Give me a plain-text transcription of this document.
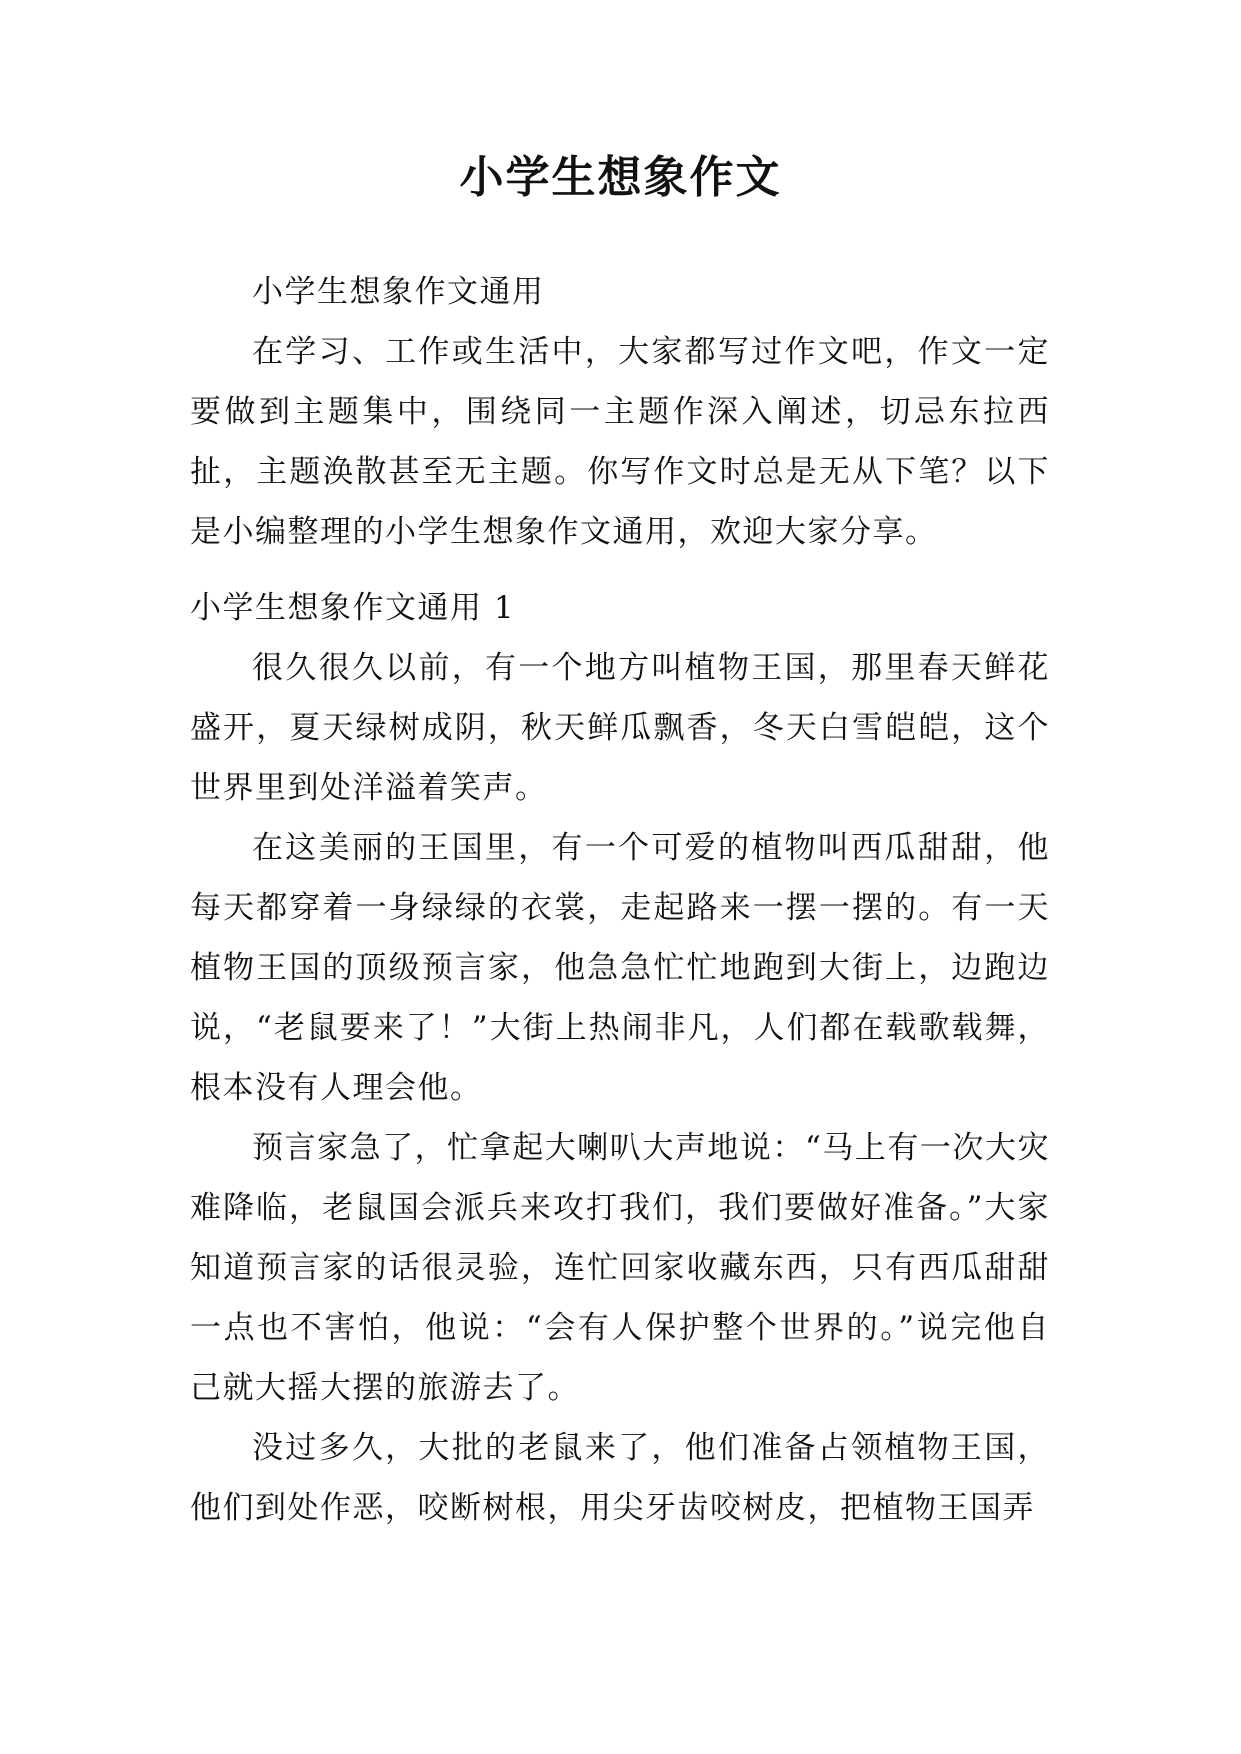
小学生想象作文

小学生想象作文通用

在学习、工作或生活中，大家都写过作文吧，作文一定要做到主题集中，围绕同一主题作深入阐述，切忌东拉西扯，主题涣散甚至无主题。你写作文时总是无从下笔？以下是小编整理的小学生想象作文通用，欢迎大家分享。

小学生想象作文通用 1

很久很久以前，有一个地方叫植物王国，那里春天鲜花盛开，夏天绿树成阴，秋天鲜瓜飘香，冬天白雪皑皑，这个世界里到处洋溢着笑声。

在这美丽的王国里，有一个可爱的植物叫西瓜甜甜，他每天都穿着一身绿绿的衣裳，走起路来一摆一摆的。有一天植物王国的顶级预言家，他急急忙忙地跑到大街上，边跑边说，“老鼠要来了！”大街上热闹非凡，人们都在载歌载舞，根本没有人理会他。

预言家急了，忙拿起大喇叭大声地说：“马上有一次大灾难降临，老鼠国会派兵来攻打我们，我们要做好准备。”大家知道预言家的话很灵验，连忙回家收藏东西，只有西瓜甜甜一点也不害怕，他说：“会有人保护整个世界的。”说完他自己就大摇大摆的旅游去了。

没过多久，大批的老鼠来了，他们准备占领植物王国，他们到处作恶，咬断树根，用尖牙齿咬树皮，把植物王国弄
